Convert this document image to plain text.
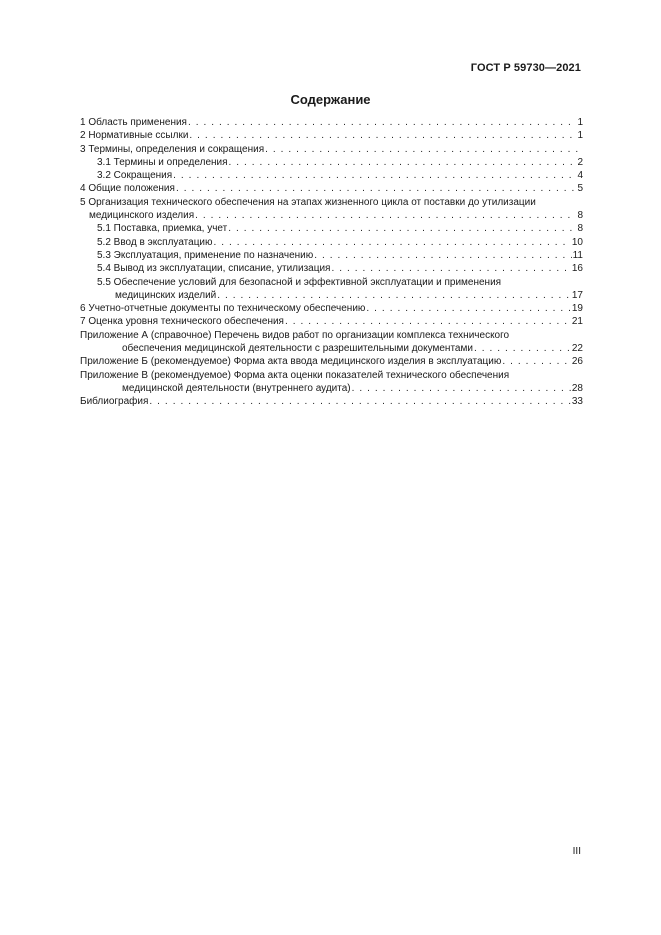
ГОСТ Р 59730—2021
Содержание
1 Область применения . . .	1
2 Нормативные ссылки . . .	1
3 Термины, определения и сокращения
. . .
3.1 Термины и определения . . .	2
3.2 Сокращения . . .	4
4 Общие положения . . .	5
5 Организация технического обеспечения на этапах жизненного цикла от поставки до утилизации
медицинского изделия . . .	8
5.1 Поставка, приемка, учет . . .	8
5.2 Ввод в эксплуатацию . . .	10
5.3 Эксплуатация, применение по назначению . . .	11
5.4 Вывод из эксплуатации, списание, утилизация . . .	16
5.5 Обеспечение условий для безопасной и эффективной эксплуатации и применения
медицинских изделий . . .	17
6 Учетно-отчетные документы по техническому обеспечению . . .	19
7 Оценка уровня технического обеспечения . . .	21
Приложение А (справочное) Перечень видов работ по организации комплекса технического
обеспечения медицинской деятельности с разрешительными документами . . .	22
Приложение Б (рекомендуемое) Форма акта ввода медицинского изделия в эксплуатацию . . .	26
Приложение В (рекомендуемое) Форма акта оценки показателей технического обеспечения
медицинской деятельности (внутреннего аудита) . . .	28
Библиография . . .	33
III
